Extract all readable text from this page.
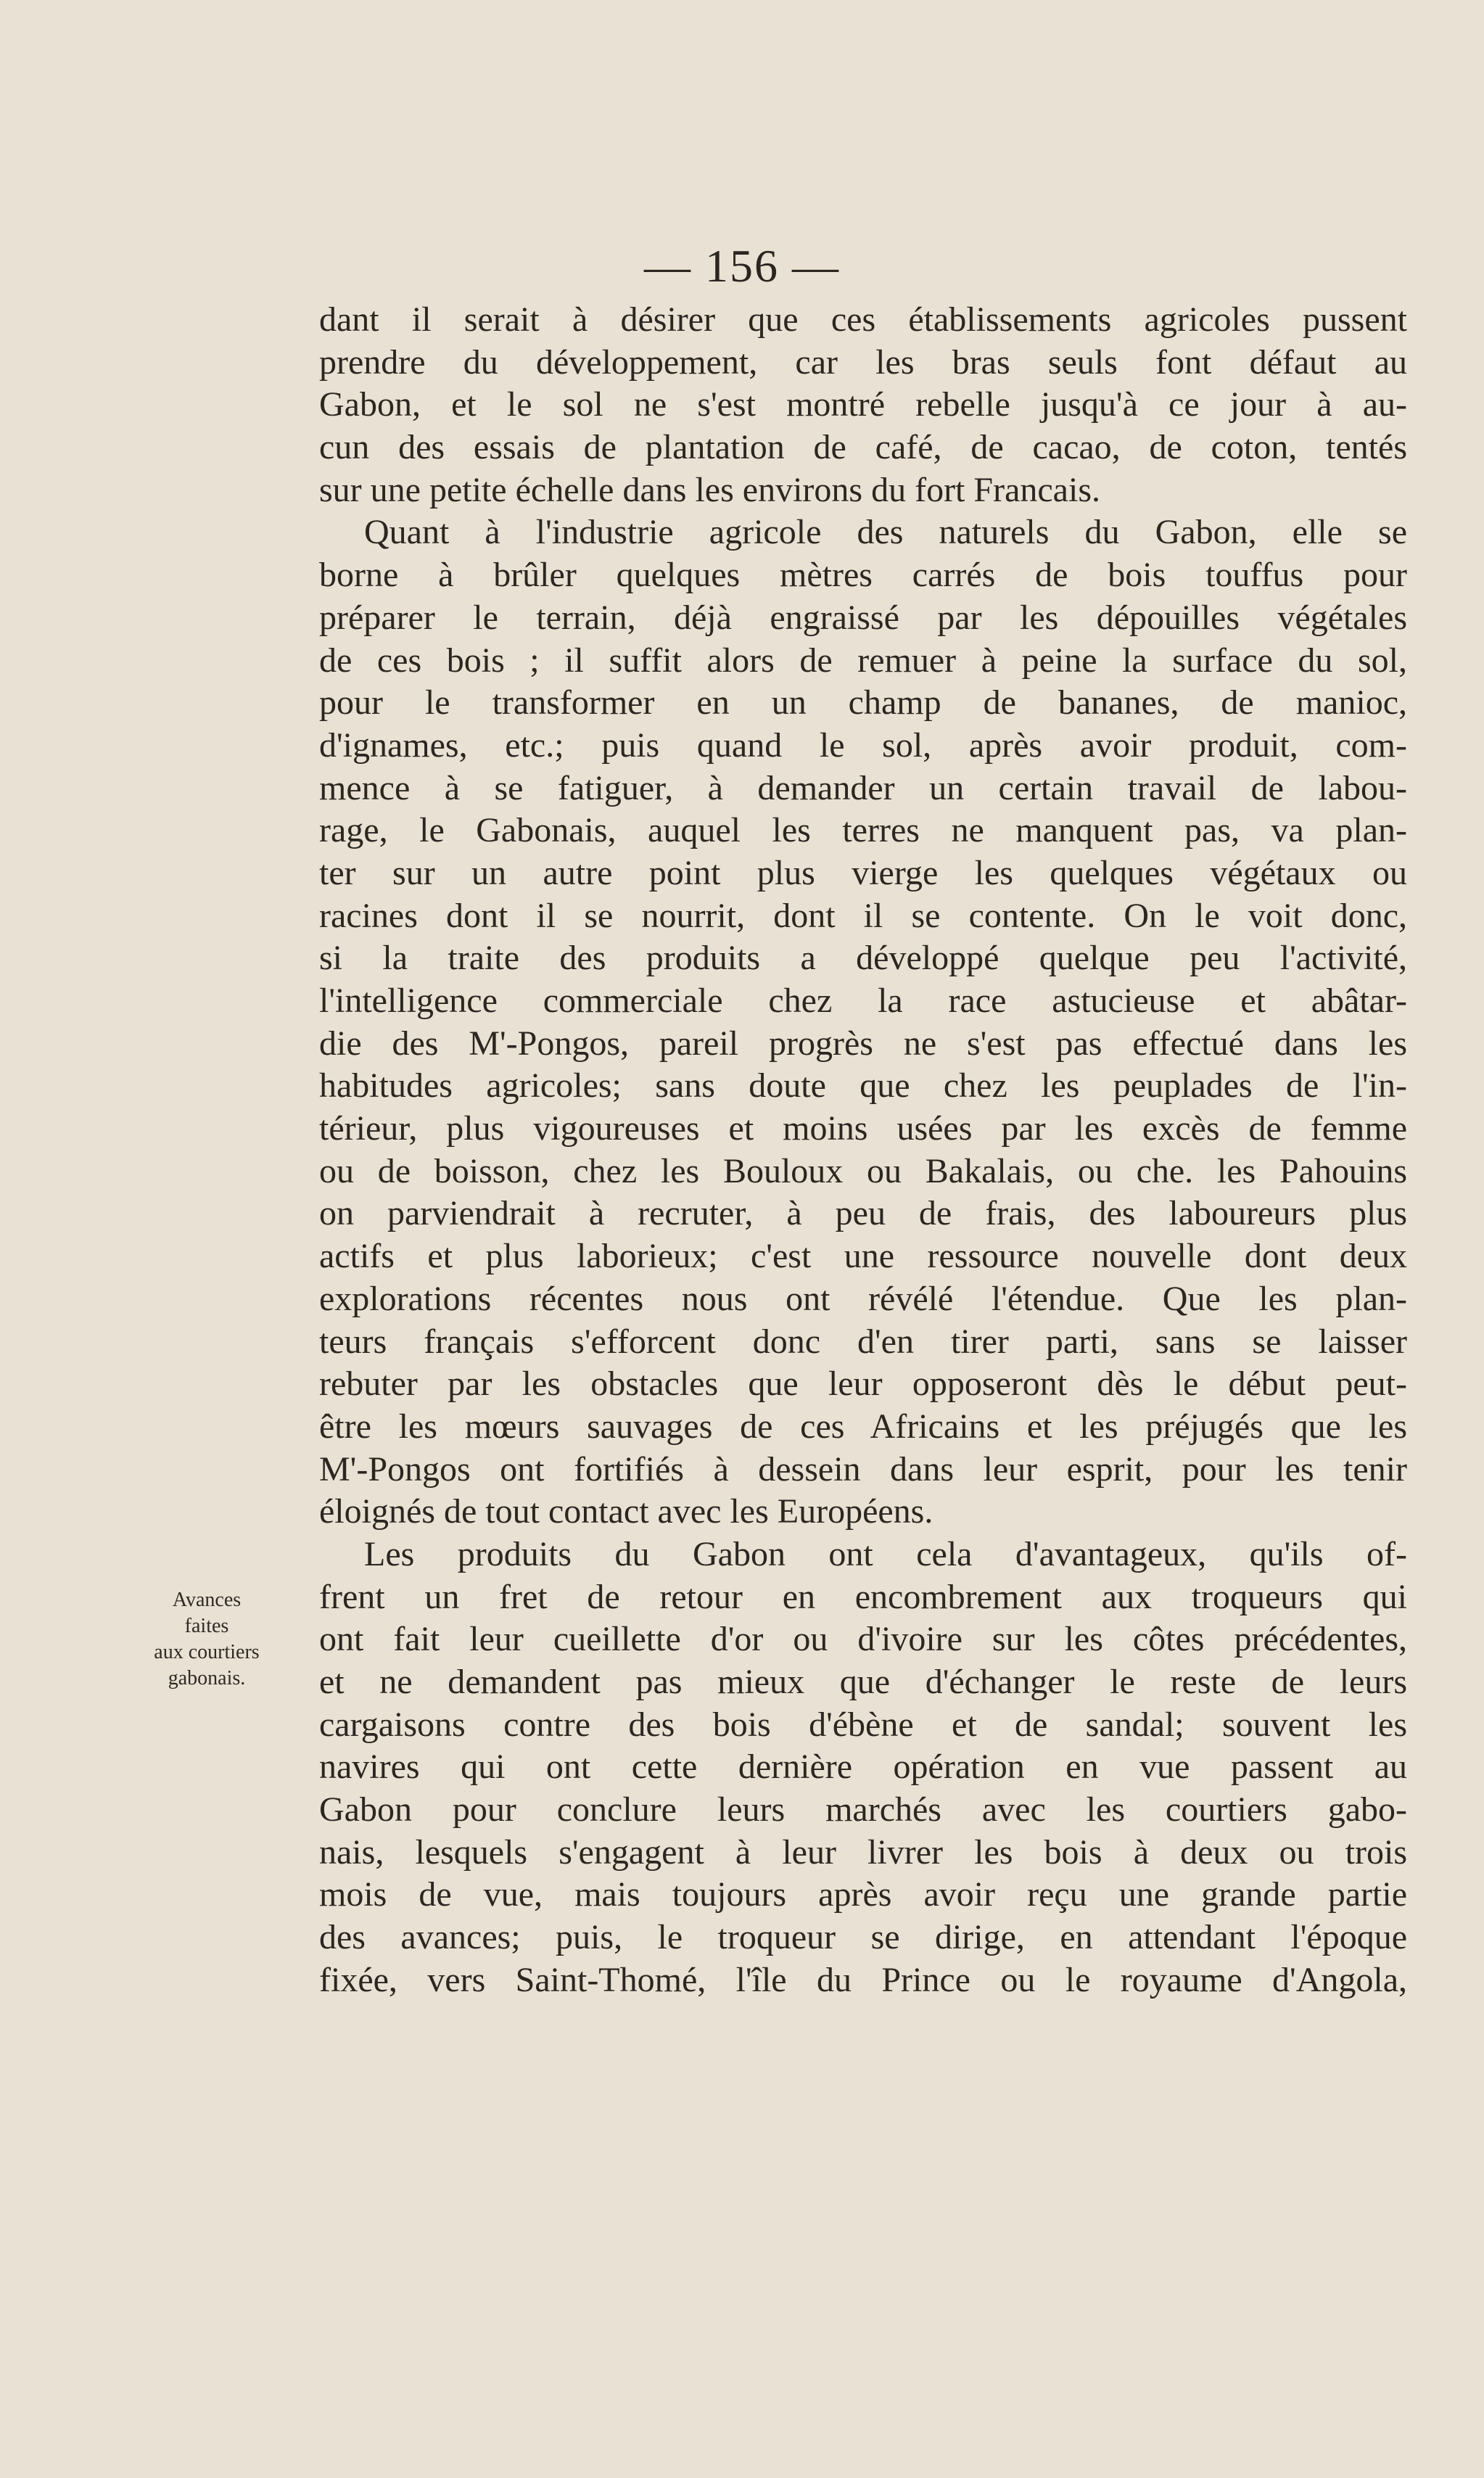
— 156 —
Avances
faites
aux courtiers
gabonais.
dant il serait à désirer que ces établissements agricoles pussent
prendre du développement, car les bras seuls font défaut au
Gabon, et le sol ne s'est montré rebelle jusqu'à ce jour à au-
cun des essais de plantation de café, de cacao, de coton, tentés
sur une petite échelle dans les environs du fort Francais.
Quant à l'industrie agricole des naturels du Gabon, elle se
borne à brûler quelques mètres carrés de bois touffus pour
préparer le terrain, déjà engraissé par les dépouilles végétales
de ces bois ; il suffit alors de remuer à peine la surface du sol,
pour le transformer en un champ de bananes, de manioc,
d'ignames, etc.; puis quand le sol, après avoir produit, com-
mence à se fatiguer, à demander un certain travail de labou-
rage, le Gabonais, auquel les terres ne manquent pas, va plan-
ter sur un autre point plus vierge les quelques végétaux ou
racines dont il se nourrit, dont il se contente. On le voit donc,
si la traite des produits a développé quelque peu l'activité,
l'intelligence commerciale chez la race astucieuse et abâtar-
die des M'-Pongos, pareil progrès ne s'est pas effectué dans les
habitudes agricoles; sans doute que chez les peuplades de l'in-
térieur, plus vigoureuses et moins usées par les excès de femme
ou de boisson, chez les Bouloux ou Bakalais, ou che. les Pahouins
on parviendrait à recruter, à peu de frais, des laboureurs plus
actifs et plus laborieux; c'est une ressource nouvelle dont deux
explorations récentes nous ont révélé l'étendue. Que les plan-
teurs français s'efforcent donc d'en tirer parti, sans se laisser
rebuter par les obstacles que leur opposeront dès le début peut-
être les mœurs sauvages de ces Africains et les préjugés que les
M'-Pongos ont fortifiés à dessein dans leur esprit, pour les tenir
éloignés de tout contact avec les Européens.
Les produits du Gabon ont cela d'avantageux, qu'ils of-
frent un fret de retour en encombrement aux troqueurs qui
ont fait leur cueillette d'or ou d'ivoire sur les côtes précédentes,
et ne demandent pas mieux que d'échanger le reste de leurs
cargaisons contre des bois d'ébène et de sandal; souvent les
navires qui ont cette dernière opération en vue passent au
Gabon pour conclure leurs marchés avec les courtiers gabo-
nais, lesquels s'engagent à leur livrer les bois à deux ou trois
mois de vue, mais toujours après avoir reçu une grande partie
des avances; puis, le troqueur se dirige, en attendant l'époque
fixée, vers Saint-Thomé, l'île du Prince ou le royaume d'Angola,
